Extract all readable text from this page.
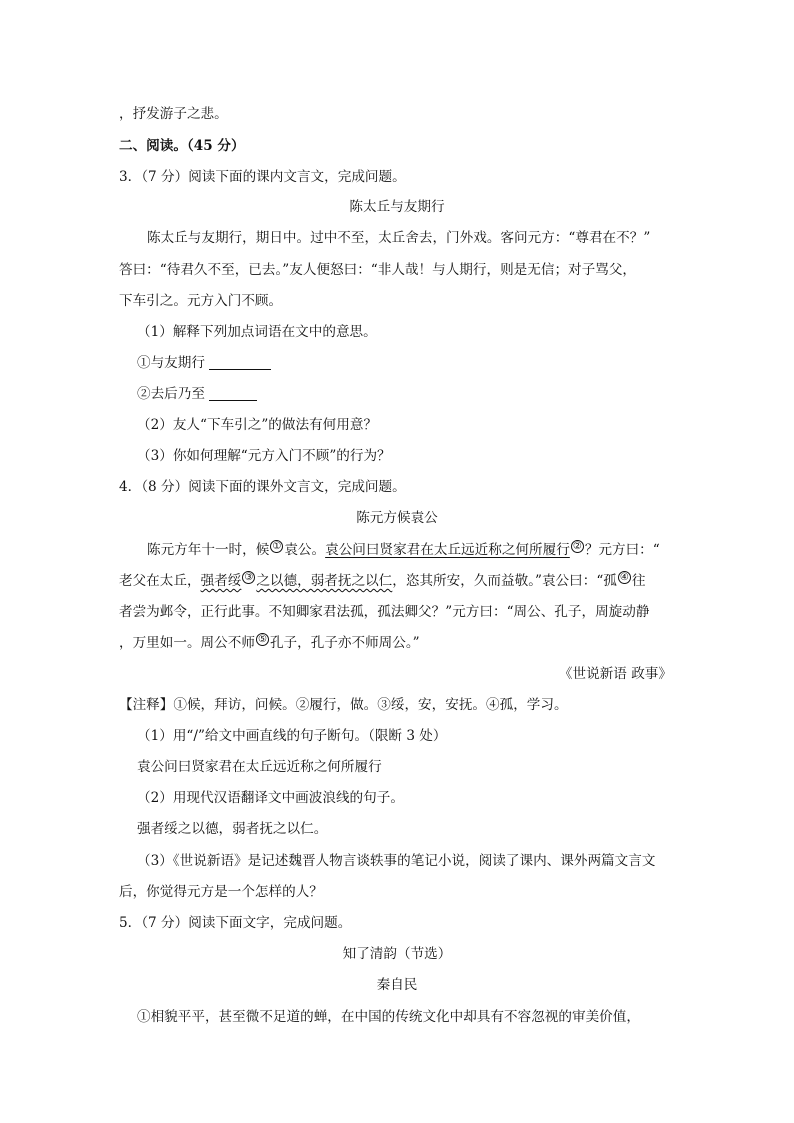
，抒发游子之悲。
二、阅读。（45 分）
3．（7 分）阅读下面的课内文言文，完成问题。
陈太丘与友期行
陈太丘与友期行，期日中。过中不至，太丘舍去，门外戏。客问元方：“尊君在不？”
答曰：“待君久不至，已去。”友人便怒曰：“非人哉！与人期行，则是无信；对子骂父，
下车引之。元方入门不顾。
（1）解释下列加点词语在文中的意思。
①与友期行
②去后乃至
（2）友人“下车引之”的做法有何用意？
（3）你如何理解“元方入门不顾”的行为？
4．（8 分）阅读下面的课外文言文，完成问题。
陈元方候袁公
陈元方年十一时，候 ① 袁公。袁公问曰贤家君在太丘远近称之何所履行 ② ？元方曰：“
老父在太丘，强者绥 ③ 之以德，弱者抚之以仁，恣其所安，久而益敬。”袁公曰：“孤 ④ 往
者尝为邺令，正行此事。不知卿家君法孤，孤法卿父？”元方曰：“周公、孔子，周旋动静
，万里如一。周公不师 ⑤ 孔子，孔子亦不师周公。”
《世说新语 政事》
【注释】①候，拜访，问候。②履行，做。③绥，安，安抚。④孤，学习。
（1）用“/”给文中画直线的句子断句。（限断 3 处）
袁公问曰贤家君在太丘远近称之何所履行
（2）用现代汉语翻译文中画波浪线的句子。
强者绥之以德，弱者抚之以仁。
（3）《世说新语》是记述魏晋人物言谈轶事的笔记小说，阅读了课内、课外两篇文言文
后，你觉得元方是一个怎样的人？
5．（7 分）阅读下面文字，完成问题。
知了清韵（节选）
秦自民
①相貌平平，甚至微不足道的蝉，在中国的传统文化中却具有不容忽视的审美价值，
